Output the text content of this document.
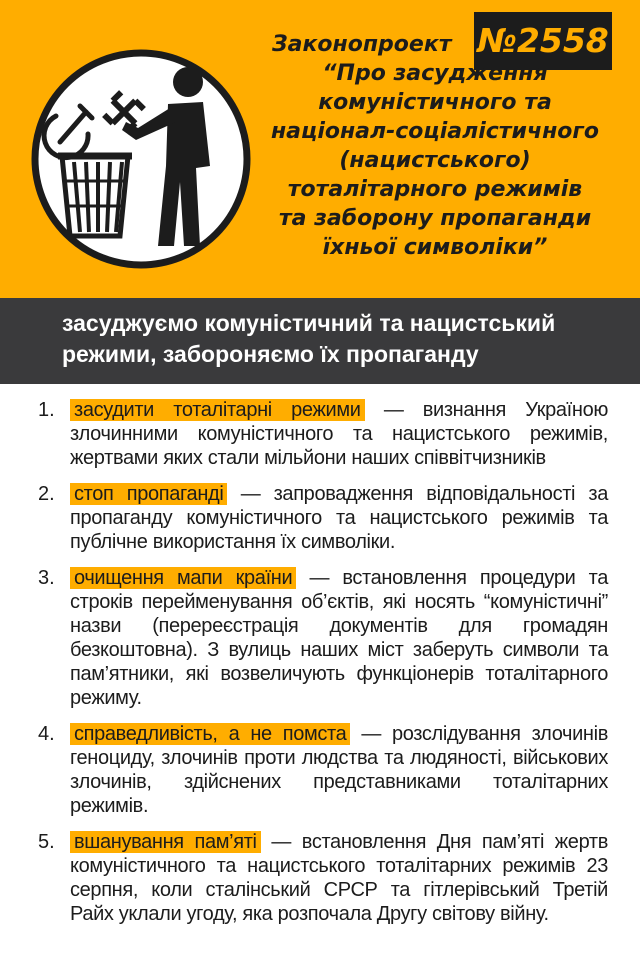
№2558
Законопроект
“Про засудження
комуністичного та
націонал-соціалістичного
(нацистського)
тоталітарного режимів
та заборону пропаганди
їхньої символіки”
засуджуємо комуністичний та нацистський
режими, забороняємо їх пропаганду
1. засудити тоталітарні режими — визнання Україною злочинними комуністичного та нацистського режимів, жертвами яких стали мільйони наших співвітчизників
2. стоп пропаганді — запровадження відповідальності за пропаганду комуністичного та нацистського режимів та публічне використання їх символіки.
3. очищення мапи країни — встановлення процедури та строків перейменування об’єктів, які носять “комуністичні” назви (перереєстрація документів для громадян безкоштовна). З вулиць наших міст заберуть символи та пам’ятники, які возвеличують функціонерів тоталітарного режиму.
4. справедливість, а не помста — розслідування злочинів геноциду, злочинів проти людства та людяності, військових злочинів, здійснених представниками тоталітарних режимів.
5. вшанування пам’яті — встановлення Дня пам’яті жертв комуністичного та нацистського тоталітарних режимів 23 серпня, коли сталінський СРСР та гітлерівський Третій Райх уклали угоду, яка розпочала Другу світову війну.
